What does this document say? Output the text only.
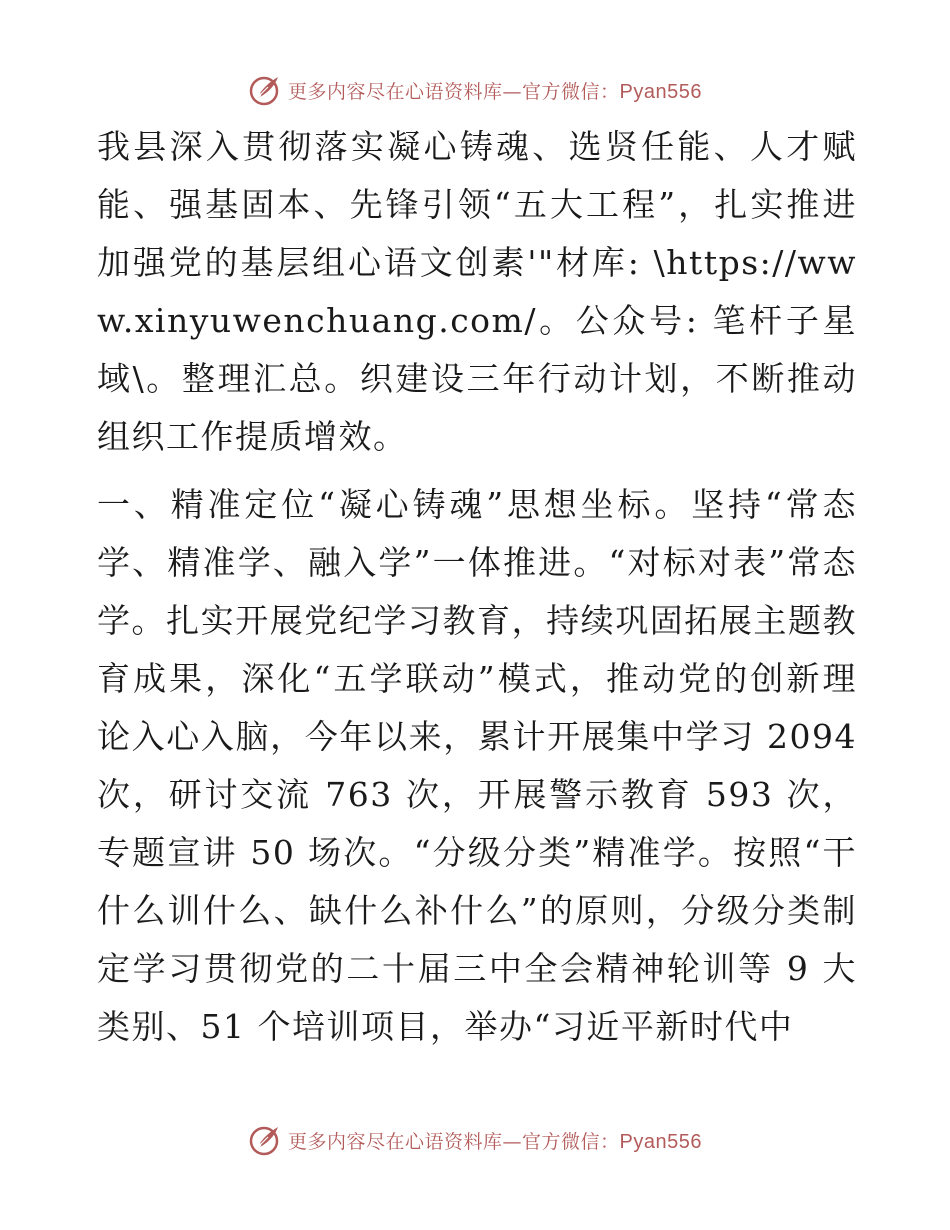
更多内容尽在心语资料库—官方微信：Pyan556

我县深入贯彻落实凝心铸魂、选贤任能、人才赋能、强基固本、先锋引领“五大工程”，扎实推进加强党的基层组心语文创素'"材库: \https://www.xinyuwenchuang.com/。公众号: 笔杆子星域\。整理汇总。织建设三年行动计划，不断推动组织工作提质增效。

一、精准定位“凝心铸魂”思想坐标。坚持“常态学、精准学、融入学”一体推进。“对标对表”常态学。扎实开展党纪学习教育，持续巩固拓展主题教育成果，深化“五学联动”模式，推动党的创新理论入心入脑，今年以来，累计开展集中学习 2094 次，研讨交流 763 次，开展警示教育 593 次，专题宣讲 50 场次。“分级分类”精准学。按照“干什么训什么、缺什么补什么”的原则，分级分类制定学习贯彻党的二十届三中全会精神轮训等 9 大类别、51 个培训项目，举办“习近平新时代中

更多内容尽在心语资料库—官方微信：Pyan556
